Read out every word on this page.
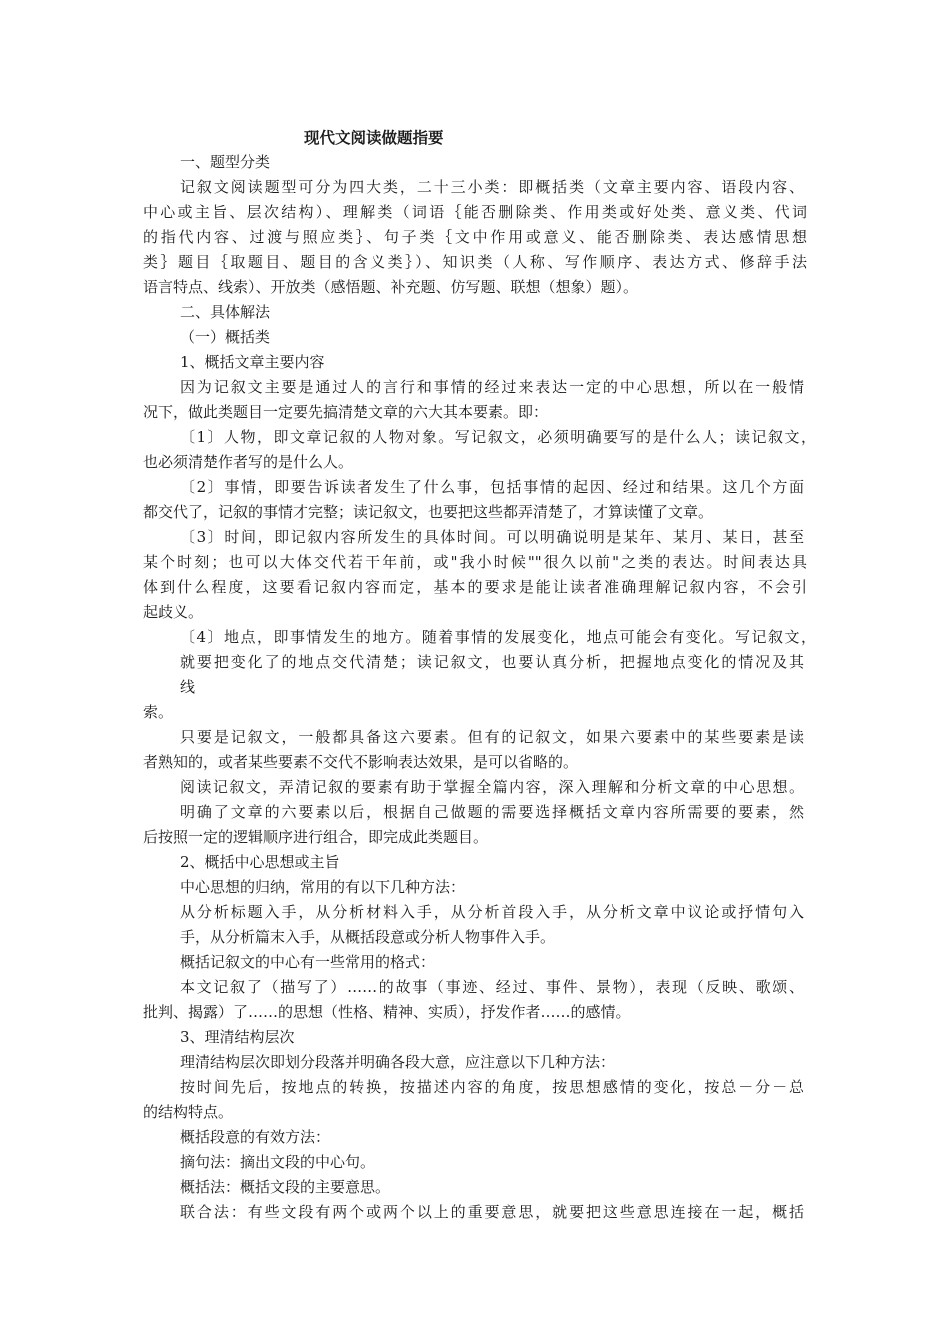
现代文阅读做题指要
一、题型分类
记叙文阅读题型可分为四大类，二十三小类：即概括类（文章主要内容、语段内容、
中心或主旨、层次结构）、理解类（词语｛能否删除类、作用类或好处类、意义类、代词
的指代内容、过渡与照应类｝、句子类｛文中作用或意义、能否删除类、表达感情思想
类｝题目｛取题目、题目的含义类｝）、知识类（人称、写作顺序、表达方式、修辞手法
语言特点、线索）、开放类（感悟题、补充题、仿写题、联想（想象）题）。
二、具体解法
（一）概括类
1、概括文章主要内容
因为记叙文主要是通过人的言行和事情的经过来表达一定的中心思想，所以在一般情
况下，做此类题目一定要先搞清楚文章的六大其本要素。即：
〔1〕人物，即文章记叙的人物对象。写记叙文，必须明确要写的是什么人；读记叙文，
也必须清楚作者写的是什么人。
〔2〕事情，即要告诉读者发生了什么事，包括事情的起因、经过和结果。这几个方面
都交代了，记叙的事情才完整；读记叙文，也要把这些都弄清楚了，才算读懂了文章。
〔3〕时间，即记叙内容所发生的具体时间。可以明确说明是某年、某月、某日，甚至
某个时刻；也可以大体交代若干年前，或"我小时候""很久以前"之类的表达。时间表达具
体到什么程度，这要看记叙内容而定，基本的要求是能让读者准确理解记叙内容，不会引
起歧义。
〔4〕地点，即事情发生的地方。随着事情的发展变化，地点可能会有变化。写记叙文，
就要把变化了的地点交代清楚；读记叙文，也要认真分析，把握地点变化的情况及其
线
索。
只要是记叙文，一般都具备这六要素。但有的记叙文，如果六要素中的某些要素是读
者熟知的，或者某些要素不交代不影响表达效果，是可以省略的。
阅读记叙文，弄清记叙的要素有助于掌握全篇内容，深入理解和分析文章的中心思想。
明确了文章的六要素以后，根据自己做题的需要选择概括文章内容所需要的要素，然
后按照一定的逻辑顺序进行组合，即完成此类题目。
2、概括中心思想或主旨
中心思想的归纳，常用的有以下几种方法：
从分析标题入手，从分析材料入手，从分析首段入手，从分析文章中议论或抒情句入
手，从分析篇末入手，从概括段意或分析人物事件入手。
概括记叙文的中心有一些常用的格式：
本文记叙了（描写了）……的故事（事迹、经过、事件、景物），表现（反映、歌颂、
批判、揭露）了……的思想（性格、精神、实质），抒发作者……的感情。
3、理清结构层次
理清结构层次即划分段落并明确各段大意，应注意以下几种方法：
按时间先后，按地点的转换，按描述内容的角度，按思想感情的变化，按总－分－总
的结构特点。
概括段意的有效方法：
摘句法：摘出文段的中心句。
概括法：概括文段的主要意思。
联合法：有些文段有两个或两个以上的重要意思，就要把这些意思连接在一起，概括
